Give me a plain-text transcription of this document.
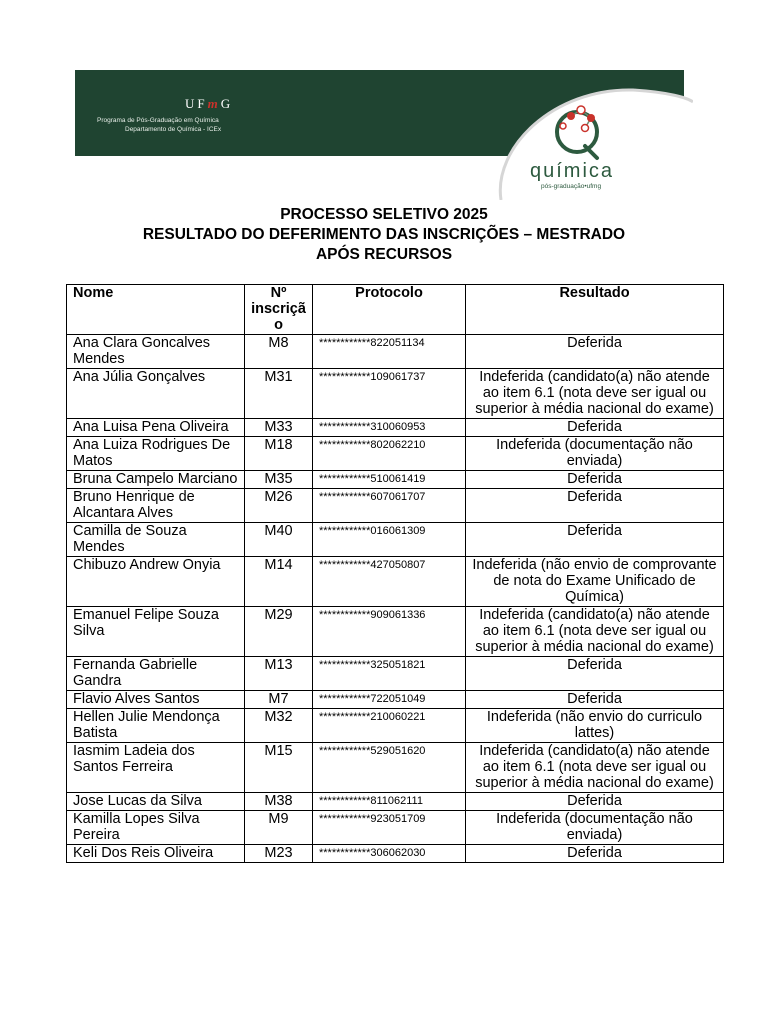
UFmG
Programa de Pós-Graduação em Química
Departamento de Química - ICEx
química
pós-graduação•ufmg
PROCESSO SELETIVO 2025
RESULTADO DO DEFERIMENTO DAS INSCRIÇÕES – MESTRADO
APÓS RECURSOS
Nome	Nº inscriçã o	Protocolo	Resultado
Ana Clara Goncalves Mendes	M8	************822051134	Deferida
Ana Júlia Gonçalves	M31	************109061737	Indeferida (candidato(a) não atende ao item 6.1 (nota deve ser igual ou superior à média nacional do exame)
Ana Luisa Pena Oliveira	M33	************310060953	Deferida
Ana Luiza Rodrigues De Matos	M18	************802062210	Indeferida (documentação não enviada)
Bruna Campelo Marciano	M35	************510061419	Deferida
Bruno Henrique de Alcantara Alves	M26	************607061707	Deferida
Camilla de Souza Mendes	M40	************016061309	Deferida
Chibuzo Andrew Onyia	M14	************427050807	Indeferida (não envio de comprovante de nota do Exame Unificado de Química)
Emanuel Felipe Souza Silva	M29	************909061336	Indeferida (candidato(a) não atende ao item 6.1 (nota deve ser igual ou superior à média nacional do exame)
Fernanda Gabrielle Gandra	M13	************325051821	Deferida
Flavio Alves Santos	M7	************722051049	Deferida
Hellen Julie Mendonça Batista	M32	************210060221	Indeferida (não envio do curriculo lattes)
Iasmim Ladeia dos Santos Ferreira	M15	************529051620	Indeferida (candidato(a) não atende ao item 6.1 (nota deve ser igual ou superior à média nacional do exame)
Jose Lucas da Silva	M38	************811062111	Deferida
Kamilla Lopes Silva Pereira	M9	************923051709	Indeferida (documentação não enviada)
Keli Dos Reis Oliveira	M23	************306062030	Deferida
